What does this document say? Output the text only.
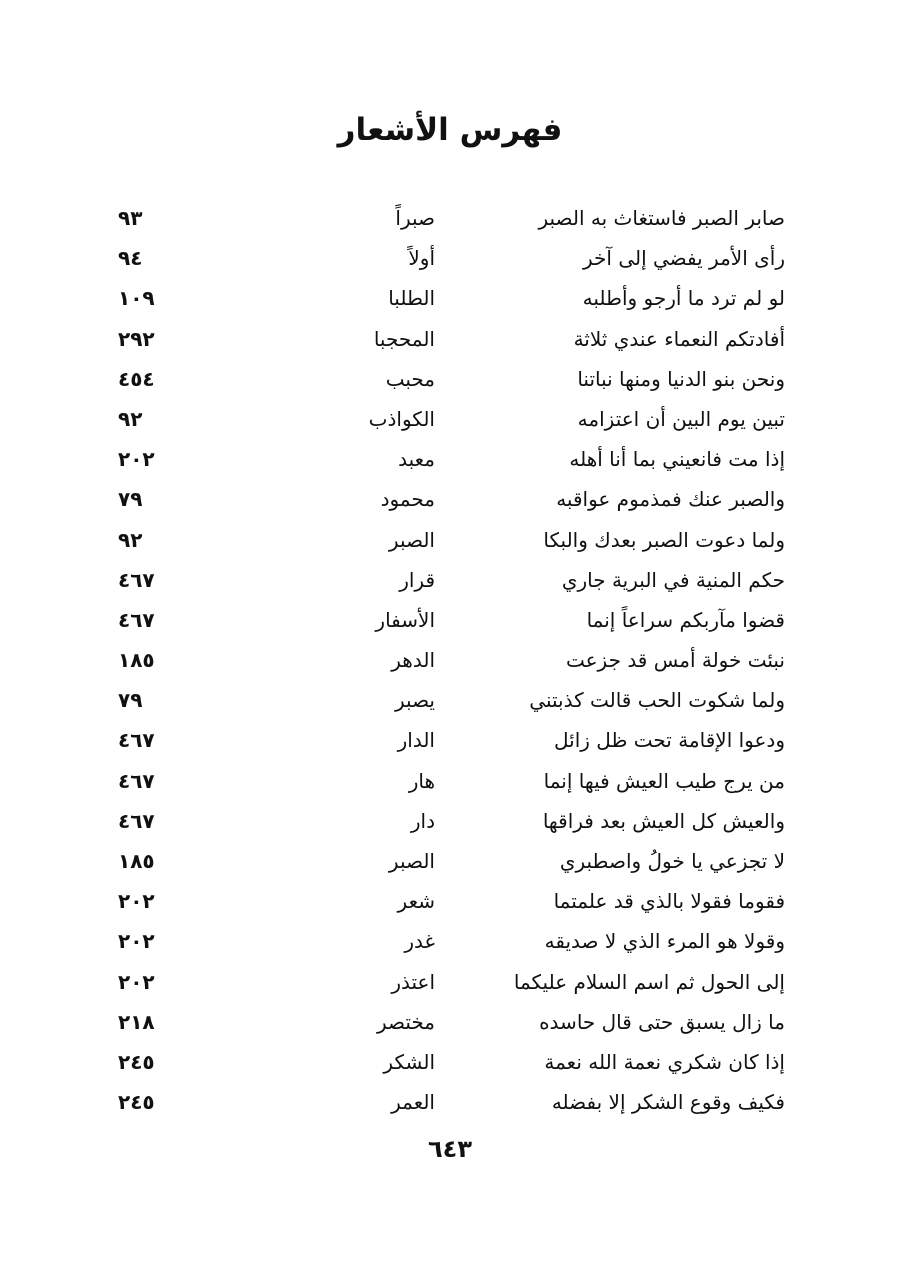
فهرس الأشعار
صابر الصبر فاستغاث به الصبر
صبراً
٩٣
رأى الأمر يفضي إلى آخر
أولاً
٩٤
لو لم ترد ما أرجو وأطلبه
الطلبا
١٠٩
أفادتكم النعماء عندي ثلاثة
المحجبا
٢٩٢
ونحن بنو الدنيا ومنها نباتنا
محبب
٤٥٤
تبين يوم البين أن اعتزامه
الكواذب
٩٢
إذا مت فانعيني بما أنا أهله
معبد
٢٠٢
والصبر عنك فمذموم عواقبه
محمود
٧٩
ولما دعوت الصبر بعدك والبكا
الصبر
٩٢
حكم المنية في البرية جاري
قرار
٤٦٧
قضوا مآربكم سراعاً إنما
الأسفار
٤٦٧
نبئت خولة أمس قد جزعت
الدهر
١٨٥
ولما شكوت الحب قالت كذبتني
يصبر
٧٩
ودعوا الإقامة تحت ظل زائل
الدار
٤٦٧
من يرج طيب العيش فيها إنما
هار
٤٦٧
والعيش كل العيش بعد فراقها
دار
٤٦٧
لا تجزعي يا خولُ واصطبري
الصبر
١٨٥
فقوما فقولا بالذي قد علمتما
شعر
٢٠٢
وقولا هو المرء الذي لا صديقه
غدر
٢٠٢
إلى الحول ثم اسم السلام عليكما
اعتذر
٢٠٢
ما زال يسبق حتى قال حاسده
مختصر
٢١٨
إذا كان شكري نعمة الله نعمة
الشكر
٢٤٥
فكيف وقوع الشكر إلا بفضله
العمر
٢٤٥
٦٤٣
